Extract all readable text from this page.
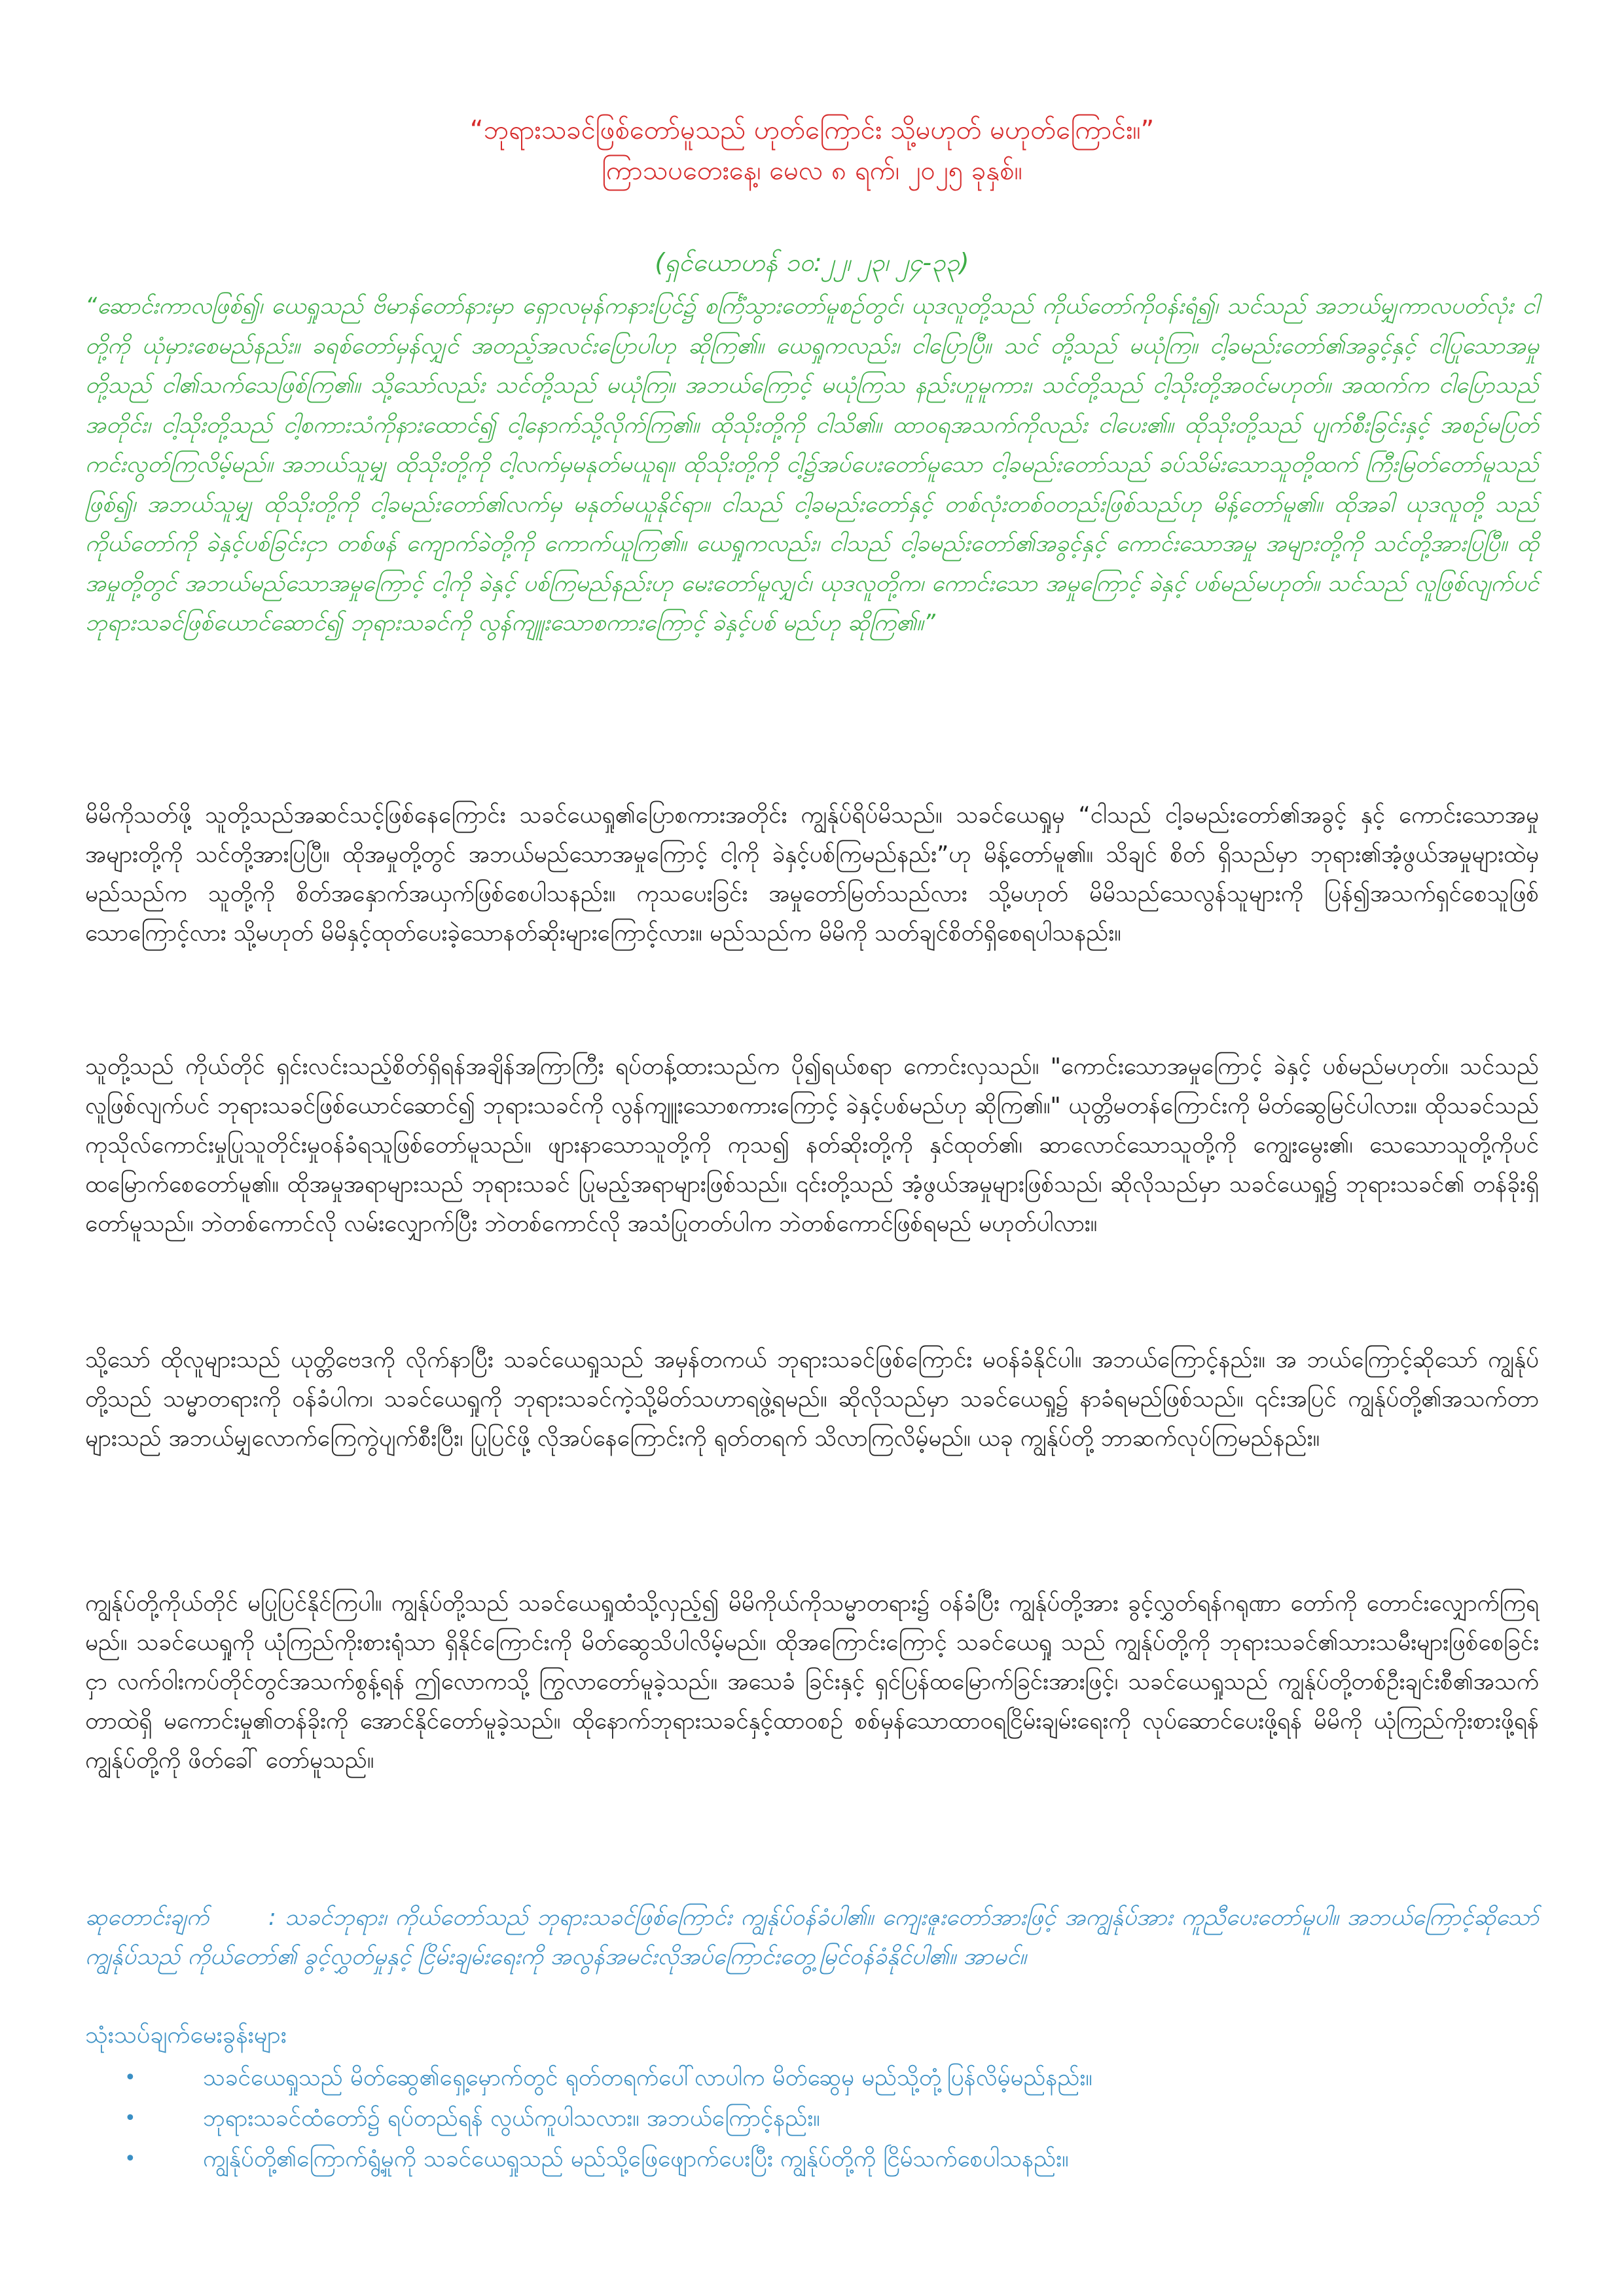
“ဘုရားသခင်ဖြစ်တော်မူသည် ဟုတ်ကြောင်း သို့မဟုတ် မဟုတ်ကြောင်း။”

ကြာသပတေးနေ့၊ မေလ ၈ ရက်၊ ၂၀၂၅ ခုနှစ်။

(ရှင်ယောဟန် ၁၀:၂၂၊ ၂၃၊ ၂၄-၃၃)

“ဆောင်းကာလဖြစ်၍၊ ယေရှုသည် ဗိမာန်တော်နားမှာ ရှောလမုန်ကနားပြင်၌ စင်္ကြံသွားတော်မူစဉ်တွင်၊ ယုဒလူတို့သည် ကိုယ်တော်ကိုဝန်းရံ၍၊ သင်သည် အဘယ်မျှကာလပတ်လုံး ငါတို့ကို ယုံမှားစေမည်နည်း။ ခရစ်တော်မှန်လျှင် အတည့်အလင်းပြောပါဟု ဆိုကြ၏။ ယေရှုကလည်း၊ ငါပြောပြီ။ သင် တို့သည် မယုံကြ။ ငါ့ခမည်းတော်၏အခွင့်နှင့် ငါပြုသောအမှုတို့သည် ငါ၏သက်သေဖြစ်ကြ၏။ သို့သော်လည်း သင်တို့သည် မယုံကြ။ အဘယ်ကြောင့် မယုံကြသ နည်းဟူမူကား၊ သင်တို့သည် ငါ့သိုးတို့အဝင်မဟုတ်။ အထက်က ငါပြောသည်အတိုင်း၊ ငါ့သိုးတို့သည် ငါ့စကားသံကိုနားထောင်၍ ငါ့နောက်သို့လိုက်ကြ၏။ ထိုသိုးတို့ကို ငါသိ၏။ ထာဝရအသက်ကိုလည်း ငါပေး၏။ ထိုသိုးတို့သည် ပျက်စီးခြင်းနှင့် အစဉ်မပြတ် ကင်းလွတ်ကြလိမ့်မည်။ အဘယ်သူမျှ ထိုသိုးတို့ကို ငါ့လက်မှမနုတ်မယူရ။ ထိုသိုးတို့ကို ငါ့၌အပ်ပေးတော်မူသော ငါ့ခမည်းတော်သည် ခပ်သိမ်းသောသူတို့ထက် ကြီးမြတ်တော်မူသည်ဖြစ်၍၊ အဘယ်သူမျှ ထိုသိုးတို့ကို ငါ့ခမည်းတော်၏လက်မှ မနုတ်မယူနိုင်ရာ။ ငါသည် ငါ့ခမည်းတော်နှင့် တစ်လုံးတစ်ဝတည်းဖြစ်သည်ဟု မိန့်တော်မူ၏။ ထိုအခါ ယုဒလူတို့ သည် ကိုယ်တော်ကို ခဲနှင့်ပစ်ခြင်းငှာ တစ်ဖန် ကျောက်ခဲတို့ကို ကောက်ယူကြ၏။ ယေရှုကလည်း၊ ငါသည် ငါ့ခမည်းတော်၏အခွင့်နှင့် ကောင်းသောအမှု အများတို့ကို သင်တို့အားပြပြီ။ ထိုအမှုတို့တွင် အဘယ်မည်သောအမှုကြောင့် ငါ့ကို ခဲနှင့် ပစ်ကြမည်နည်းဟု မေးတော်မူလျှင်၊ ယုဒလူတို့က၊ ကောင်းသော အမှုကြောင့် ခဲနှင့် ပစ်မည်မဟုတ်။ သင်သည် လူဖြစ်လျက်ပင် ဘုရားသခင်ဖြစ်ယောင်ဆောင်၍ ဘုရားသခင်ကို လွန်ကျူးသောစကားကြောင့် ခဲနှင့်ပစ် မည်ဟု ဆိုကြ၏။”

မိမိကိုသတ်ဖို့ သူတို့သည်အဆင်သင့်ဖြစ်နေကြောင်း သခင်ယေရှု၏ပြောစကားအတိုင်း ကျွန်ုပ်ရိပ်မိသည်။ သခင်ယေရှုမှ “ငါသည် ငါ့ခမည်းတော်၏အခွင့် နှင့် ကောင်းသောအမှုအများတို့ကို သင်တို့အားပြပြီ။ ထိုအမှုတို့တွင် အဘယ်မည်သောအမှုကြောင့် ငါ့ကို ခဲနှင့်ပစ်ကြမည်နည်း”ဟု မိန့်တော်မူ၏။ သိချင် စိတ် ရှိသည်မှာ ဘုရား၏အံ့ဖွယ်အမှုများထဲမှ မည်သည်က သူတို့ကို စိတ်အနှောက်အယှက်ဖြစ်စေပါသနည်း။ ကုသပေးခြင်း အမှုတော်မြတ်သည်လား သို့မဟုတ် မိမိသည်သေလွန်သူများကို ပြန်၍အသက်ရှင်စေသူဖြစ်သောကြောင့်လား သို့မဟုတ် မိမိနှင့်ထုတ်ပေးခဲ့သောနတ်ဆိုးများကြောင့်လား။ မည်သည်က မိမိကို သတ်ချင်စိတ်ရှိစေရပါသနည်း။

သူတို့သည် ကိုယ်တိုင် ရှင်းလင်းသည့်စိတ်ရှိရန်အချိန်အကြာကြီး ရပ်တန့်ထားသည်က ပို၍ရယ်စရာ ကောင်းလှသည်။ "ကောင်းသောအမှုကြောင့် ခဲနှင့် ပစ်မည်မဟုတ်။ သင်သည် လူဖြစ်လျက်ပင် ဘုရားသခင်ဖြစ်ယောင်ဆောင်၍ ဘုရားသခင်ကို လွန်ကျူးသောစကားကြောင့် ခဲနှင့်ပစ်မည်ဟု ဆိုကြ၏။" ယုတ္တိမတန်ကြောင်းကို မိတ်ဆွေမြင်ပါလား။ ထိုသခင်သည် ကုသိုလ်ကောင်းမှုပြုသူတိုင်းမှုဝန်ခံရသူဖြစ်တော်မူသည်။ ဖျားနာသောသူတို့ကို ကုသ၍ နတ်ဆိုးတို့ကို နှင်ထုတ်၏၊ ဆာလောင်သောသူတို့ကို ကျွေးမွေး၏၊ သေသောသူတို့ကိုပင် ထမြောက်စေတော်မူ၏။ ထိုအမှုအရာများသည် ဘုရားသခင် ပြုမည့်အရာများဖြစ်သည်။ ၎င်းတို့သည် အံ့ဖွယ်အမှုများဖြစ်သည်၊ ဆိုလိုသည်မှာ သခင်ယေရှု၌ ဘုရားသခင်၏ တန်ခိုးရှိတော်မူသည်။ ဘဲတစ်ကောင်လို လမ်းလျှောက်ပြီး ဘဲတစ်ကောင်လို အသံပြုတတ်ပါက ဘဲတစ်ကောင်ဖြစ်ရမည် မဟုတ်ပါလား။

သို့သော် ထိုလူများသည် ယုတ္တိဗေဒကို လိုက်နာပြီး သခင်ယေရှုသည် အမှန်တကယ် ဘုရားသခင်ဖြစ်ကြောင်း မဝန်ခံနိုင်ပါ။ အဘယ်ကြောင့်နည်း။ အ ဘယ်ကြောင့်ဆိုသော် ကျွန်ုပ်တို့သည် သမ္မာတရားကို ဝန်ခံပါက၊ သခင်ယေရှုကို ဘုရားသခင်ကဲ့သို့မိတ်သဟာရဖွဲ့ရမည်။ ဆိုလိုသည်မှာ သခင်ယေရှု၌ နာခံရမည်ဖြစ်သည်။ ၎င်းအပြင် ကျွန်ုပ်တို့၏အသက်တာများသည် အဘယ်မျှလောက်ကြေကွဲပျက်စီးပြီး၊ ပြုပြင်ဖို့ လိုအပ်နေကြောင်းကို ရုတ်တရက် သိလာကြလိမ့်မည်။ ယခု ကျွန်ုပ်တို့ ဘာဆက်လုပ်ကြမည်နည်း။

ကျွန်ုပ်တို့ကိုယ်တိုင် မပြုပြင်နိုင်ကြပါ။ ကျွန်ုပ်တို့သည် သခင်ယေရှုထံသို့လှည့်၍ မိမိကိုယ်ကိုသမ္မာတရား၌ ဝန်ခံပြီး ကျွန်ုပ်တို့အား ခွင့်လွှတ်ရန်ဂရုဏာ တော်ကို တောင်းလျှောက်ကြရမည်။ သခင်ယေရှုကို ယုံကြည်ကိုးစားရုံသာ ရှိနိုင်ကြောင်းကို မိတ်ဆွေသိပါလိမ့်မည်။ ထိုအကြောင်းကြောင့် သခင်ယေရှု သည် ကျွန်ုပ်တို့ကို ဘုရားသခင်၏သားသမီးများဖြစ်စေခြင်းငှာ လက်ဝါးကပ်တိုင်တွင်အသက်စွန့်ရန် ဤလောကသို့ ကြွလာတော်မူခဲ့သည်။ အသေခံ ခြင်းနှင့် ရှင်ပြန်ထမြောက်ခြင်းအားဖြင့်၊ သခင်ယေရှုသည် ကျွန်ုပ်တို့တစ်ဦးချင်းစီ၏အသက်တာထဲရှိ မကောင်းမှု၏တန်ခိုးကို အောင်နိုင်တော်မူခဲ့သည်။ ထိုနောက်ဘုရားသခင်နှင့်ထာဝစဉ် စစ်မှန်သောထာဝရငြိမ်းချမ်းရေးကို လုပ်ဆောင်ပေးဖို့ရန် မိမိကို ယုံကြည်ကိုးစားဖို့ရန် ကျွန်ုပ်တို့ကို ဖိတ်ခေါ် တော်မူသည်။

ဆုတောင်းချက်	: သခင်ဘုရား၊ ကိုယ်တော်သည် ဘုရားသခင်ဖြစ်ကြောင်း ကျွန်ုပ်ဝန်ခံပါ၏။ ကျေးဇူးတော်အားဖြင့် အကျွန်ုပ်အား ကူညီပေးတော်မူပါ။ အဘယ်ကြောင့်ဆိုသော် ကျွန်ုပ်သည် ကိုယ်တော်၏ ခွင့်လွှတ်မှုနှင့် ငြိမ်းချမ်းရေးကို အလွန်အမင်းလိုအပ်ကြောင်းတွေ့မြင်ဝန်ခံနိုင်ပါ၏။ အာမင်။

သုံးသပ်ချက်မေးခွန်းများ

•	သခင်ယေရှုသည် မိတ်ဆွေ၏ရှေ့မှောက်တွင် ရုတ်တရက်ပေါ်လာပါက မိတ်ဆွေမှ မည်သို့တုံ့ပြန်လိမ့်မည်နည်း။
•	ဘုရားသခင်ထံတော်၌ ရပ်တည်ရန် လွယ်ကူပါသလား။ အဘယ်ကြောင့်နည်း။
•	ကျွန်ုပ်တို့၏ကြောက်ရွံ့မှုကို သခင်ယေရှုသည် မည်သို့ဖြေဖျောက်ပေးပြီး ကျွန်ုပ်တို့ကို ငြိမ်သက်စေပါသနည်း။
